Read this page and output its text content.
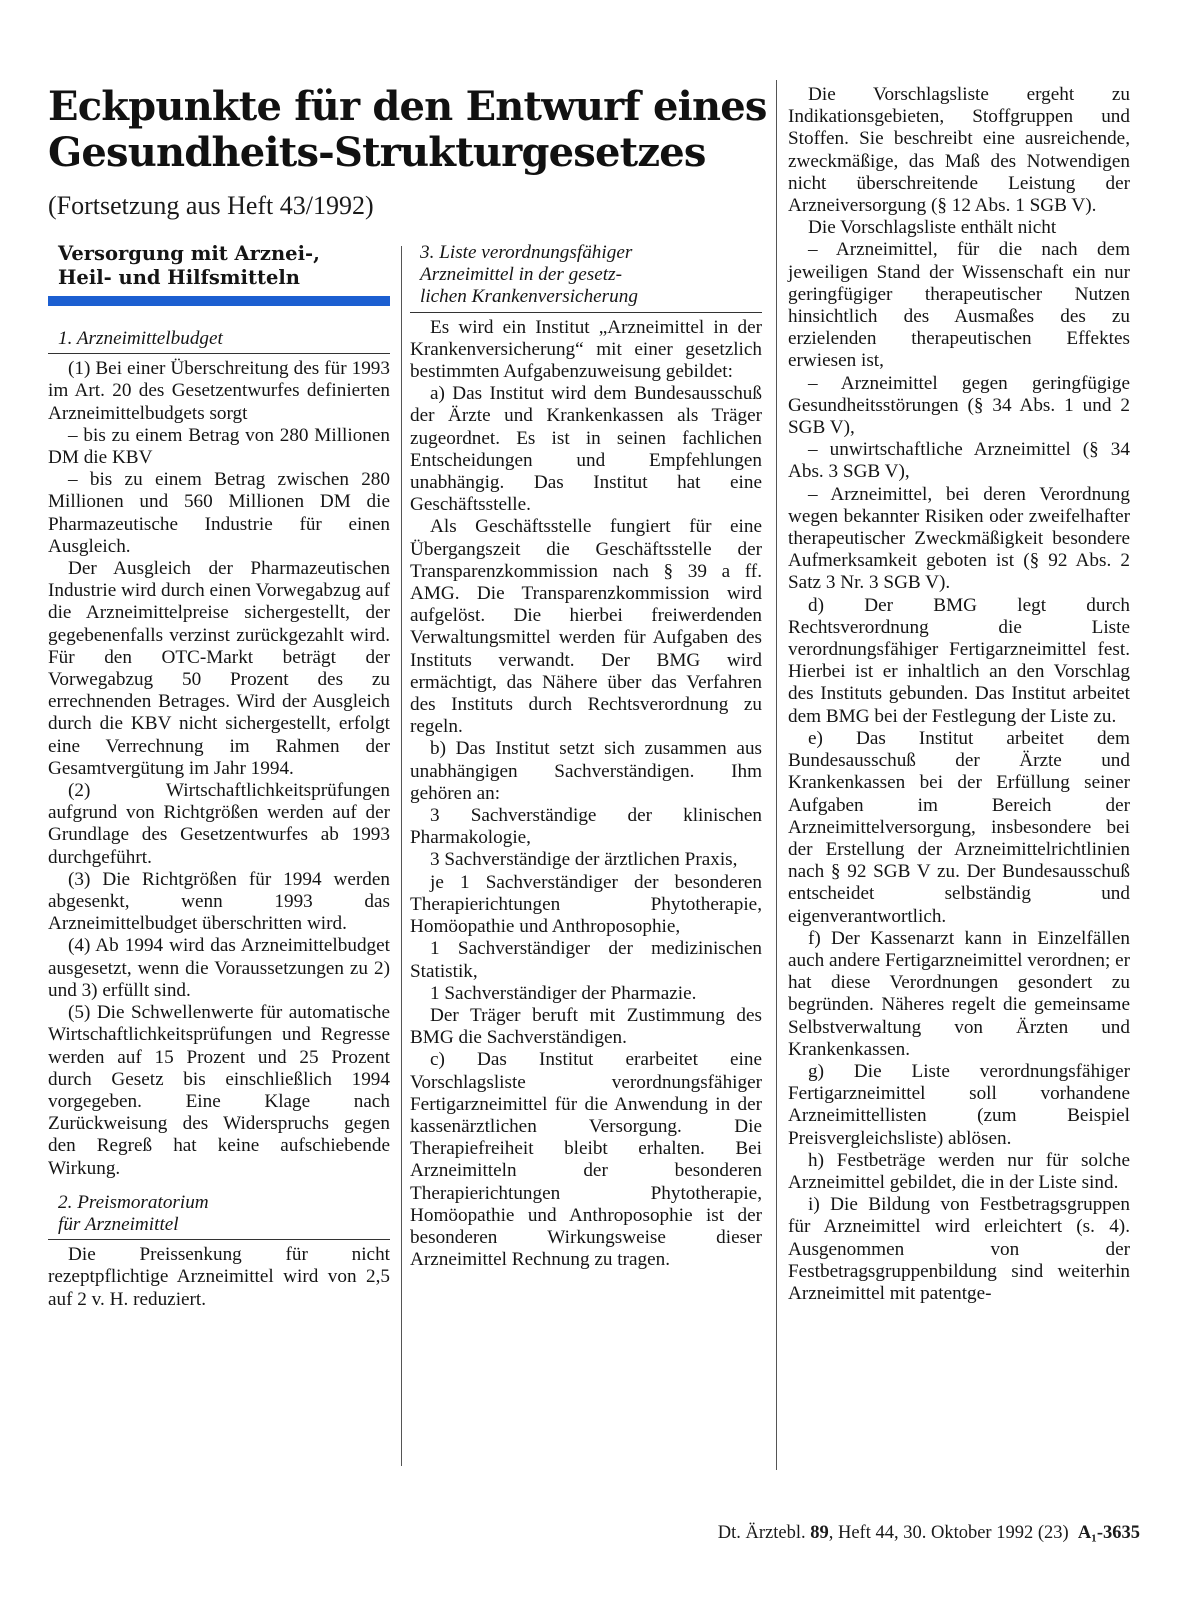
Eckpunkte für den Entwurf eines
Gesundheits-Strukturgesetzes
(Fortsetzung aus Heft 43/1992)
Versorgung mit Arznei-,
Heil- und Hilfsmitteln
1. Arzneimittelbudget

(1) Bei einer Überschreitung des für 1993 im Art. 20 des Gesetzentwurfes definierten Arzneimittelbudgets sorgt

– bis zu einem Betrag von 280 Millionen DM die KBV

– bis zu einem Betrag zwischen 280 Millionen und 560 Millionen DM die Pharmazeutische Industrie für einen Ausgleich.

Der Ausgleich der Pharmazeutischen Industrie wird durch einen Vorwegabzug auf die Arzneimittelpreise sichergestellt, der gegebenenfalls verzinst zurückgezahlt wird. Für den OTC-Markt beträgt der Vorwegabzug 50 Prozent des zu errechnenden Betrages. Wird der Ausgleich durch die KBV nicht sichergestellt, erfolgt eine Verrechnung im Rahmen der Gesamtvergütung im Jahr 1994.

(2) Wirtschaftlichkeitsprüfungen aufgrund von Richtgrößen werden auf der Grundlage des Gesetzentwurfes ab 1993 durchgeführt.

(3) Die Richtgrößen für 1994 werden abgesenkt, wenn 1993 das Arzneimittelbudget überschritten wird.

(4) Ab 1994 wird das Arzneimittelbudget ausgesetzt, wenn die Voraussetzungen zu 2) und 3) erfüllt sind.

(5) Die Schwellenwerte für automatische Wirtschaftlichkeitsprüfungen und Regresse werden auf 15 Prozent und 25 Prozent durch Gesetz bis einschließlich 1994 vorgegeben. Eine Klage nach Zurückweisung des Widerspruchs gegen den Regreß hat keine aufschiebende Wirkung.

2. Preismoratorium
für Arzneimittel

Die Preissenkung für nicht rezeptpflichtige Arzneimittel wird von 2,5 auf 2 v. H. reduziert.

3. Liste verordnungsfähiger
Arzneimittel in der gesetz-
lichen Krankenversicherung

Es wird ein Institut „Arzneimittel in der Krankenversicherung“ mit einer gesetzlich bestimmten Aufgabenzuweisung gebildet:

a) Das Institut wird dem Bundesausschuß der Ärzte und Krankenkassen als Träger zugeordnet. Es ist in seinen fachlichen Entscheidungen und Empfehlungen unabhängig. Das Institut hat eine Geschäftsstelle.

Als Geschäftsstelle fungiert für eine Übergangszeit die Geschäftsstelle der Transparenzkommission nach § 39 a ff. AMG. Die Transparenzkommission wird aufgelöst. Die hierbei freiwerdenden Verwaltungsmittel werden für Aufgaben des Instituts verwandt. Der BMG wird ermächtigt, das Nähere über das Verfahren des Instituts durch Rechtsverordnung zu regeln.

b) Das Institut setzt sich zusammen aus unabhängigen Sachverständigen. Ihm gehören an:

3 Sachverständige der klinischen Pharmakologie,

3 Sachverständige der ärztlichen Praxis,

je 1 Sachverständiger der besonderen Therapierichtungen Phytotherapie, Homöopathie und Anthroposophie,

1 Sachverständiger der medizinischen Statistik,

1 Sachverständiger der Pharmazie.

Der Träger beruft mit Zustimmung des BMG die Sachverständigen.

c) Das Institut erarbeitet eine Vorschlagsliste verordnungsfähiger Fertigarzneimittel für die Anwendung in der kassenärztlichen Versorgung. Die Therapiefreiheit bleibt erhalten. Bei Arzneimitteln der besonderen Therapierichtungen Phytotherapie, Homöopathie und Anthroposophie ist der besonderen Wirkungsweise dieser Arzneimittel Rechnung zu tragen.

Die Vorschlagsliste ergeht zu Indikationsgebieten, Stoffgruppen und Stoffen. Sie beschreibt eine ausreichende, zweckmäßige, das Maß des Notwendigen nicht überschreitende Leistung der Arzneiversorgung (§ 12 Abs. 1 SGB V).

Die Vorschlagsliste enthält nicht

– Arzneimittel, für die nach dem jeweiligen Stand der Wissenschaft ein nur geringfügiger therapeutischer Nutzen hinsichtlich des Ausmaßes des zu erzielenden therapeutischen Effektes erwiesen ist,

– Arzneimittel gegen geringfügige Gesundheitsstörungen (§ 34 Abs. 1 und 2 SGB V),

– unwirtschaftliche Arzneimittel (§ 34 Abs. 3 SGB V),

– Arzneimittel, bei deren Verordnung wegen bekannter Risiken oder zweifelhafter therapeutischer Zweckmäßigkeit besondere Aufmerksamkeit geboten ist (§ 92 Abs. 2 Satz 3 Nr. 3 SGB V).

d) Der BMG legt durch Rechtsverordnung die Liste verordnungsfähiger Fertigarzneimittel fest. Hierbei ist er inhaltlich an den Vorschlag des Instituts gebunden. Das Institut arbeitet dem BMG bei der Festlegung der Liste zu.

e) Das Institut arbeitet dem Bundesausschuß der Ärzte und Krankenkassen bei der Erfüllung seiner Aufgaben im Bereich der Arzneimittelversorgung, insbesondere bei der Erstellung der Arzneimittelrichtlinien nach § 92 SGB V zu. Der Bundesausschuß entscheidet selbständig und eigenverantwortlich.

f) Der Kassenarzt kann in Einzelfällen auch andere Fertigarzneimittel verordnen; er hat diese Verordnungen gesondert zu begründen. Näheres regelt die gemeinsame Selbstverwaltung von Ärzten und Krankenkassen.

g) Die Liste verordnungsfähiger Fertigarzneimittel soll vorhandene Arzneimittellisten (zum Beispiel Preisvergleichsliste) ablösen.

h) Festbeträge werden nur für solche Arzneimittel gebildet, die in der Liste sind.

i) Die Bildung von Festbetragsgruppen für Arzneimittel wird erleichtert (s. 4). Ausgenommen von der Festbetragsgruppenbildung sind weiterhin Arzneimittel mit patentge-

Dt. Ärztebl. 89, Heft 44, 30. Oktober 1992 (23) A₁-3635
